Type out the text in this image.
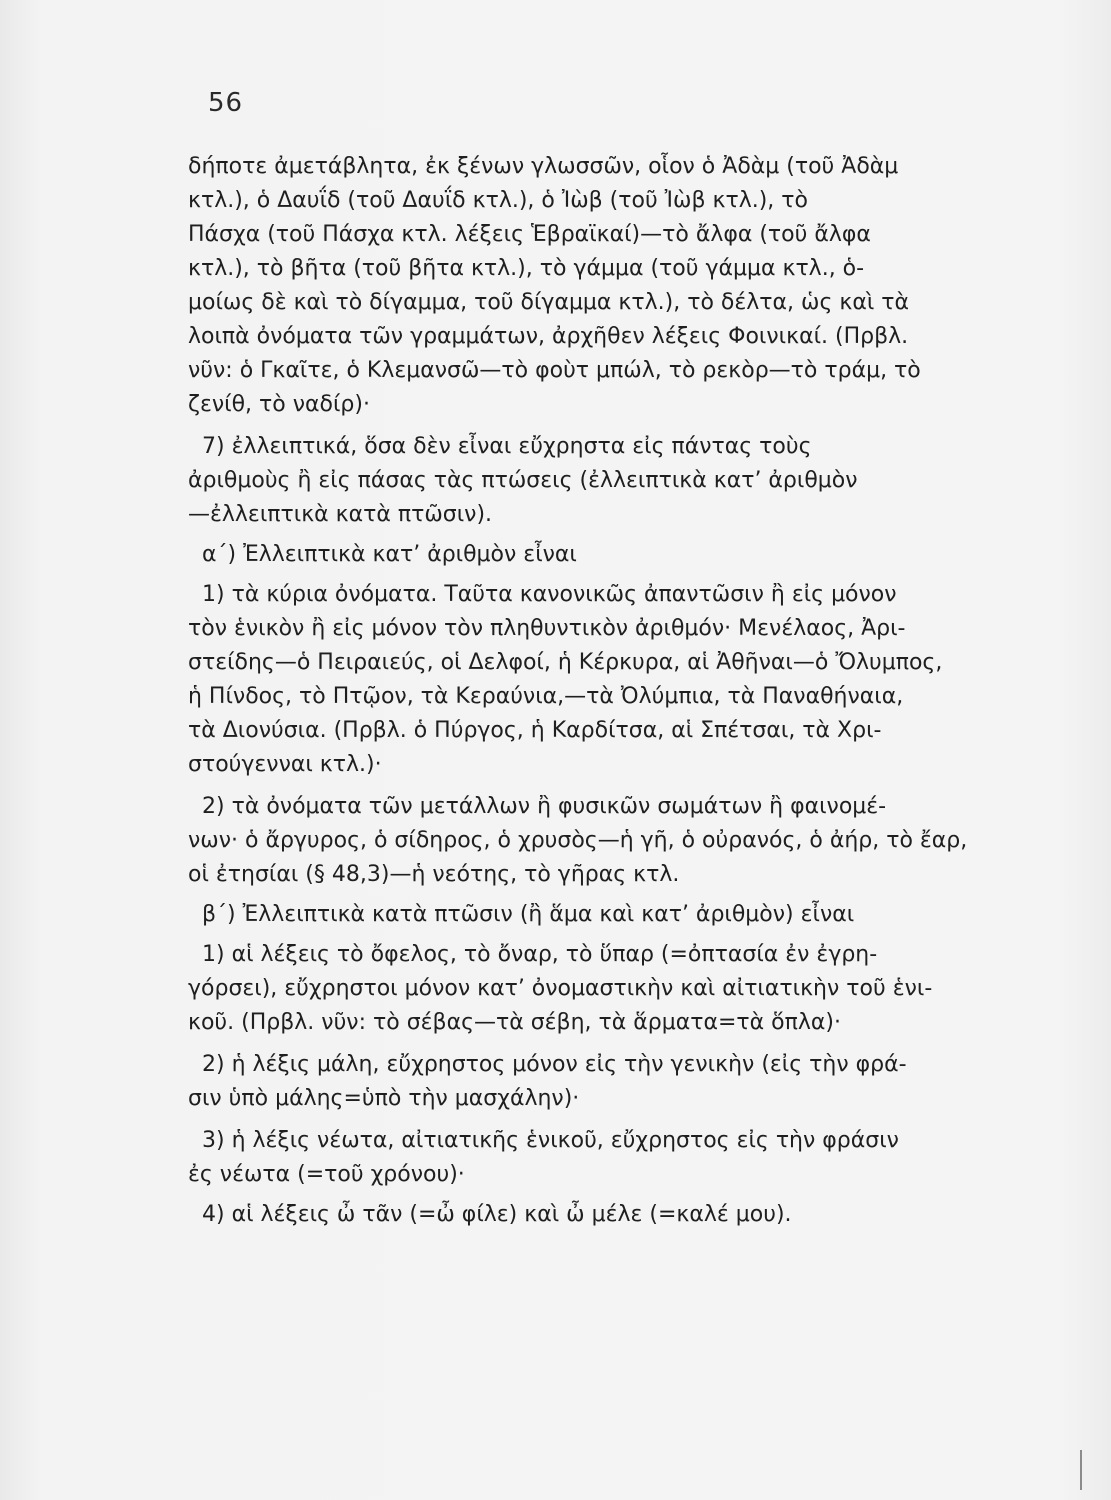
56
δήποτε ἀμετάβλητα, ἐκ ξένων γλωσσῶν, οἷον ὁ Ἀδὰμ (τοῦ Ἀδὰμ
κτλ.), ὁ Δαυΐδ (τοῦ Δαυΐδ κτλ.), ὁ Ἰὼβ (τοῦ Ἰὼβ κτλ.), τὸ
Πάσχα (τοῦ Πάσχα κτλ. λέξεις Ἑβραϊκαί)—τὸ ἄλφα (τοῦ ἄλφα
κτλ.), τὸ βῆτα (τοῦ βῆτα κτλ.), τὸ γάμμα (τοῦ γάμμα κτλ., ὁ-
μοίως δὲ καὶ τὸ δίγαμμα, τοῦ δίγαμμα κτλ.), τὸ δέλτα, ὡς καὶ τὰ
λοιπὰ ὀνόματα τῶν γραμμάτων, ἀρχῆθεν λέξεις Φοινικαί. (Πρβλ.
νῦν: ὁ Γκαῖτε, ὁ Κλεμανσῶ—τὸ φοὺτ μπώλ, τὸ ρεκὸρ—τὸ τράμ, τὸ
ζενίθ, τὸ ναδίρ)·
7) ἐλλειπτικά, ὅσα δὲν εἶναι εὔχρηστα εἰς πάντας τοὺς
ἀριθμοὺς ἢ εἰς πάσας τὰς πτώσεις (ἐλλειπτικὰ κατ’ ἀριθμὸν
—ἐλλειπτικὰ κατὰ πτῶσιν).
α΄) Ἐλλειπτικὰ κατ’ ἀριθμὸν εἶναι
1) τὰ κύρια ὀνόματα. Ταῦτα κανονικῶς ἀπαντῶσιν ἢ εἰς μόνον
τὸν ἑνικὸν ἢ εἰς μόνον τὸν πληθυντικὸν ἀριθμόν· Μενέλαος, Ἀρι-
στείδης—ὁ Πειραιεύς, οἱ Δελφοί, ἡ Κέρκυρα, αἱ Ἀθῆναι—ὁ Ὄλυμπος,
ἡ Πίνδος, τὸ Πτῷον, τὰ Κεραύνια,—τὰ Ὀλύμπια, τὰ Παναθήναια,
τὰ Διονύσια. (Πρβλ. ὁ Πύργος, ἡ Καρδίτσα, αἱ Σπέτσαι, τὰ Χρι-
στούγενναι κτλ.)·
2) τὰ ὀνόματα τῶν μετάλλων ἢ φυσικῶν σωμάτων ἢ φαινομέ-
νων· ὁ ἄργυρος, ὁ σίδηρος, ὁ χρυσὸς—ἡ γῆ, ὁ οὐρανός, ὁ ἀήρ, τὸ ἔαρ,
οἱ ἐτησίαι (§ 48,3)—ἡ νεότης, τὸ γῆρας κτλ.
β΄) Ἐλλειπτικὰ κατὰ πτῶσιν (ἢ ἅμα καὶ κατ’ ἀριθμὸν) εἶναι
1) αἱ λέξεις τὸ ὄφελος, τὸ ὄναρ, τὸ ὕπαρ (=ὀπτασία ἐν ἐγρη-
γόρσει), εὔχρηστοι μόνον κατ’ ὀνομαστικὴν καὶ αἰτιατικὴν τοῦ ἑνι-
κοῦ. (Πρβλ. νῦν: τὸ σέβας—τὰ σέβη, τὰ ἅρματα=τὰ ὅπλα)·
2) ἡ λέξις μάλη, εὔχρηστος μόνον εἰς τὴν γενικὴν (εἰς τὴν φρά-
σιν ὑπὸ μάλης=ὑπὸ τὴν μασχάλην)·
3) ἡ λέξις νέωτα, αἰτιατικῆς ἑνικοῦ, εὔχρηστος εἰς τὴν φράσιν
ἐς νέωτα (=τοῦ χρόνου)·
4) αἱ λέξεις ὦ τᾶν (=ὦ φίλε) καὶ ὦ μέλε (=καλέ μου).
